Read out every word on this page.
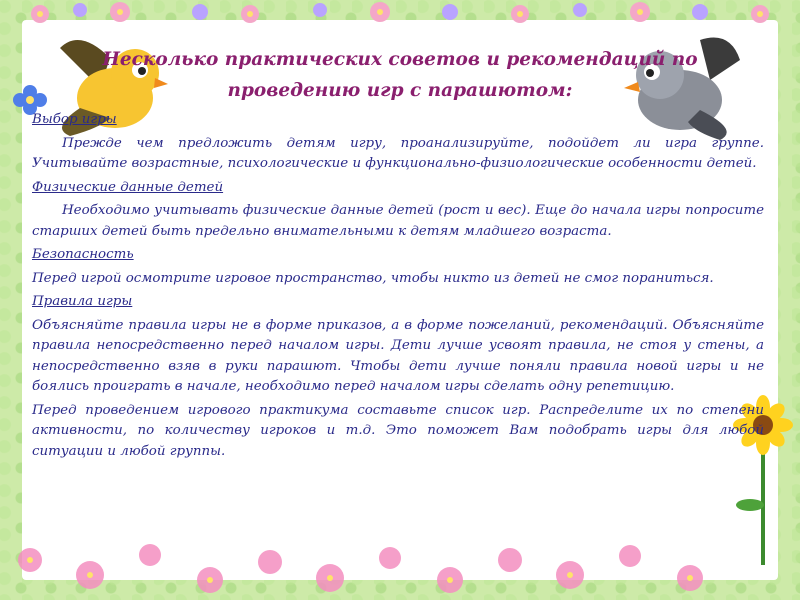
Несколько практических советов и рекомендаций по проведению игр с парашютом:

Выбор игры

Прежде чем предложить детям игру, проанализируйте, подойдет ли игра группе. Учитывайте возрастные, психологические и функционально-физиологические особенности детей.

Физические данные детей

Необходимо учитывать физические данные детей (рост и вес). Еще до начала игры попросите старших детей быть предельно внимательными к детям младшего возраста.

Безопасность

Перед игрой осмотрите игровое пространство, чтобы никто из детей не смог пораниться.

Правила игры

Объясняйте правила игры не в форме приказов, а в форме пожеланий, рекомендаций. Объясняйте правила непосредственно перед началом игры. Дети лучше усвоят правила, не стоя у стены, а непосредственно взяв в руки парашют. Чтобы дети лучше поняли правила новой игры и не боялись проиграть в начале, необходимо перед началом игры сделать одну репетицию.

Перед проведением игрового практикума составьте список игр. Распределите их по степени активности, по количеству игроков и т.д. Это поможет Вам подобрать игры для любой ситуации и любой группы.
